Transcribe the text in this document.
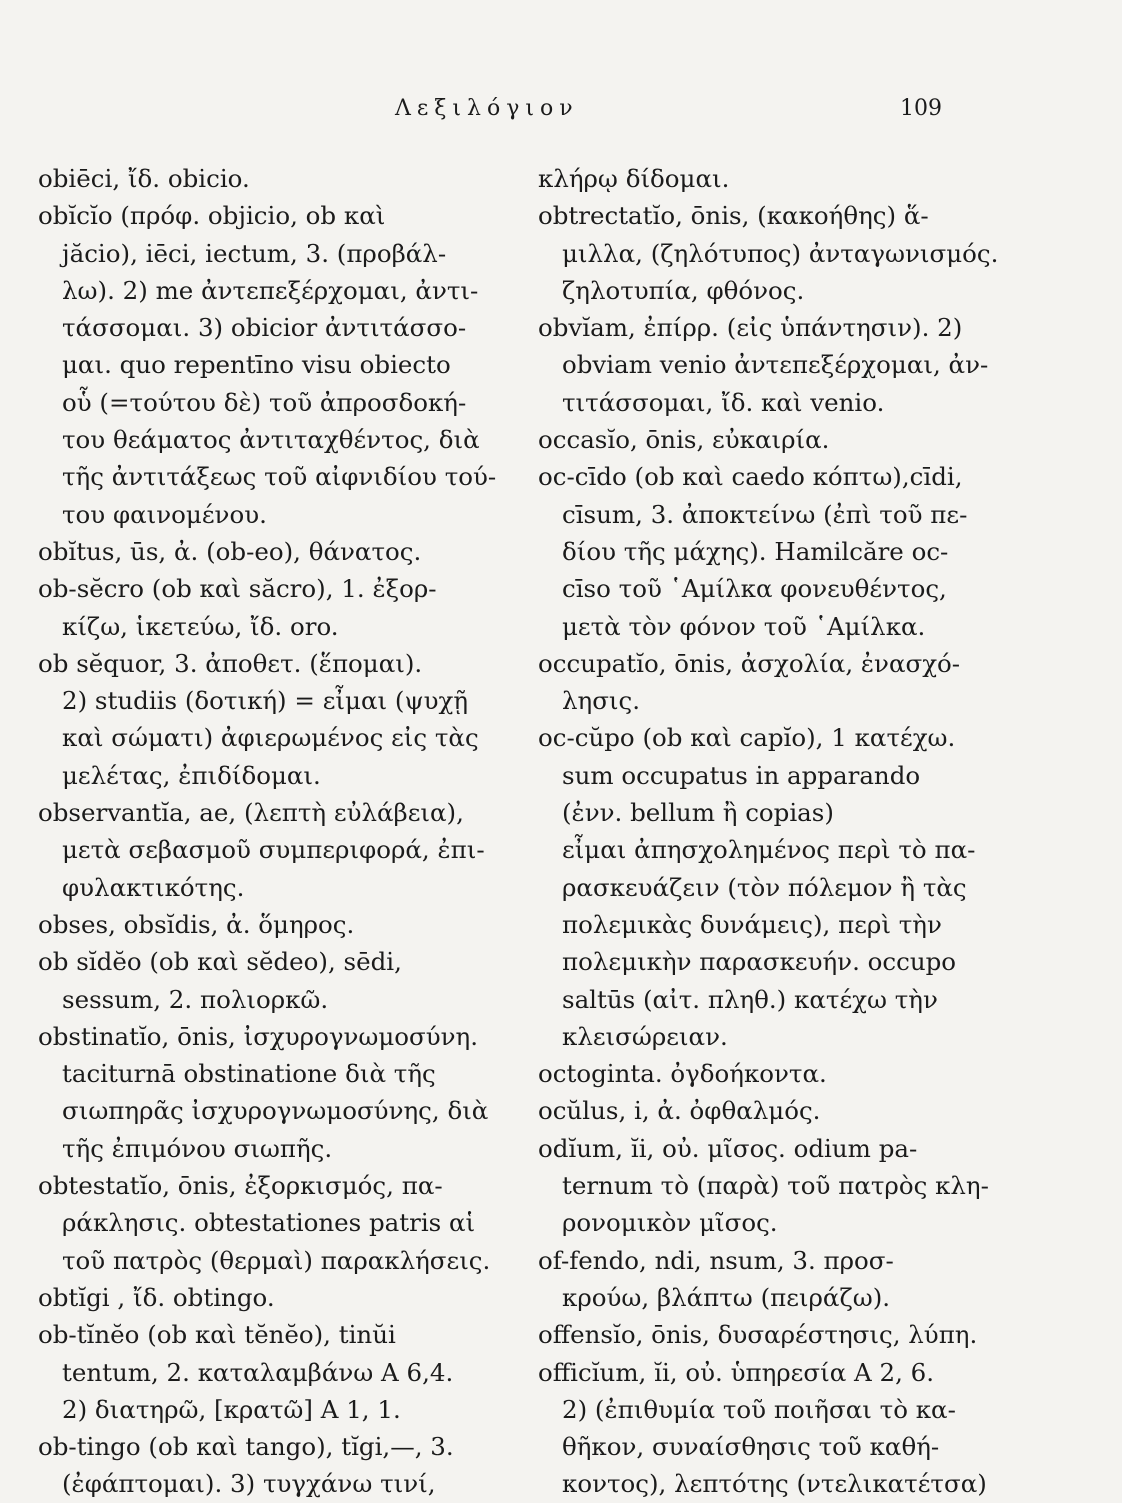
Λεξιλόγιον	109
obiēci, ἴδ. obicio.
obĭcĭo (πρόφ. objicio, ob καὶ
jăcio), iēci, iectum, 3. (προβάλ-
λω). 2) me ἀντεπεξέρχομαι, ἀντι-
τάσσομαι. 3) obicior ἀντιτάσσο-
μαι. quo repentīno visu obiecto
οὗ (=τούτου δὲ) τοῦ ἀπροσδοκή-
του θεάματος ἀντιταχθέντος, διὰ
τῆς ἀντιτάξεως τοῦ αἰφνιδίου τού-
του φαινομένου.
obĭtus, ūs, ἀ. (ob-eo), θάνατος.
ob-sĕcro (ob καὶ săcro), 1. ἐξορ-
κίζω, ἱκετεύω, ἴδ. oro.
ob sĕquor, 3. ἀποθετ. (ἕπομαι).
2) studiis (δοτική) = εἶμαι (ψυχῇ
καὶ σώματι) ἀφιερωμένος εἰς τὰς
μελέτας, ἐπιδίδομαι.
observantĭa, ae, (λεπτὴ εὐλάβεια),
μετὰ σεβασμοῦ συμπεριφορά, ἐπι-
φυλακτικότης.
obses, obsĭdis, ἀ. ὅμηρος.
ob sĭdĕo (ob καὶ sĕdeo), sēdi,
sessum, 2. πολιορκῶ.
obstinatĭo, ōnis, ἰσχυρογνωμοσύνη.
taciturnā obstinatione διὰ τῆς
σιωπηρᾶς ἰσχυρογνωμοσύνης, διὰ
τῆς ἐπιμόνου σιωπῆς.
obtestatĭo, ōnis, ἐξορκισμός, πα-
ράκλησις. obtestationes patris αἱ
τοῦ πατρὸς (θερμαὶ) παρακλήσεις.
obtĭgi , ἴδ. obtingo.
ob-tĭnĕo (ob καὶ tĕnĕo), tinŭi
tentum, 2. καταλαμβάνω Α 6,4.
2) διατηρῶ, [κρατῶ] Α 1, 1.
ob-tingo (ob καὶ tango), tĭgi,—, 3.
(ἐφάπτομαι). 3) τυγχάνω τινί,
κλήρῳ δίδομαι.
obtrectatĭo, ōnis, (κακοήθης) ἅ-
μιλλα, (ζηλότυπος) ἀνταγωνισμός.
ζηλοτυπία, φθόνος.
obvĭam, ἐπίρρ. (εἰς ὑπάντησιν). 2)
obviam venio ἀντεπεξέρχομαι, ἀν-
τιτάσσομαι, ἴδ. καὶ venio.
occasĭo, ōnis, εὐκαιρία.
oc-cīdo (ob καὶ caedo κόπτω),cīdi,
cīsum, 3. ἀποκτείνω (ἐπὶ τοῦ πε-
δίου τῆς μάχης). Hamilcăre oc-
cīso τοῦ ῾Αμίλκα φονευθέντος,
μετὰ τὸν φόνον τοῦ ῾Αμίλκα.
occupatĭo, ōnis, ἀσχολία, ἐνασχό-
λησις.
oc-cŭpo (ob καὶ capĭo), 1 κατέχω.
sum occupatus in apparando
(ἐνν. bellum ἢ copias)
εἶμαι ἀπησχολημένος περὶ τὸ πα-
ρασκευάζειν (τὸν πόλεμον ἢ τὰς
πολεμικὰς δυνάμεις), περὶ τὴν
πολεμικὴν παρασκευήν. occupo
saltūs (αἰτ. πληθ.) κατέχω τὴν
κλεισώρειαν.
octoginta. ὀγδοήκοντα.
ocŭlus, i, ἀ. ὀφθαλμός.
odĭum, ĭi, οὐ. μῖσος. odium pa-
ternum τὸ (παρὰ) τοῦ πατρὸς κλη-
ρονομικὸν μῖσος.
of-fendo, ndi, nsum, 3. προσ-
κρούω, βλάπτω (πειράζω).
offensĭo, ōnis, δυσαρέστησις, λύπη.
officĭum, ĭi, οὐ. ὑπηρεσία Α 2, 6.
2) (ἐπιθυμία τοῦ ποιῆσαι τὸ κα-
θῆκον, συναίσθησις τοῦ καθή-
κοντος), λεπτότης (ντελικατέτσα)
